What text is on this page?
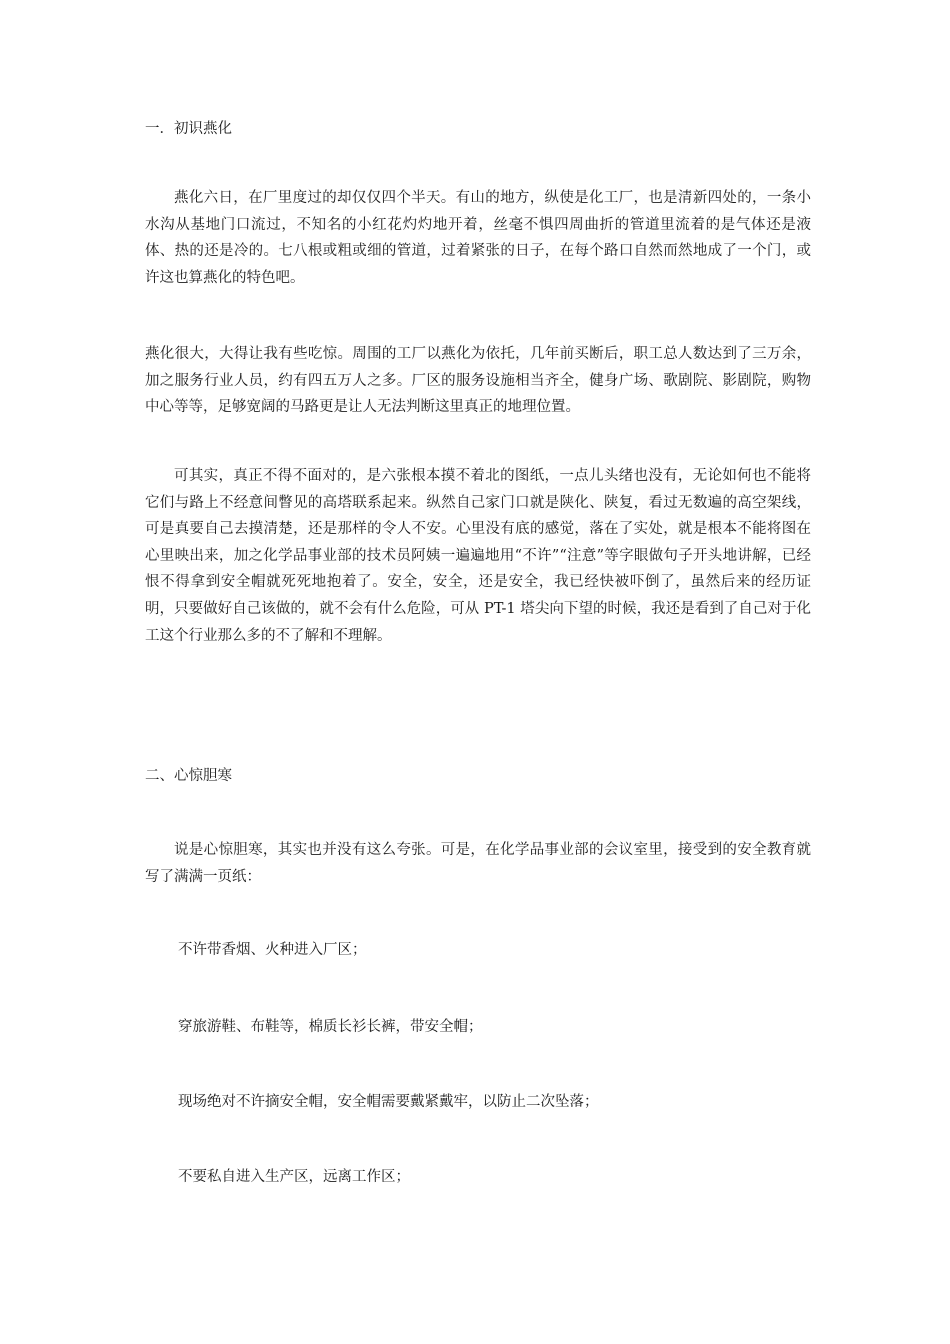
一．初识燕化

燕化六日，在厂里度过的却仅仅四个半天。有山的地方，纵使是化工厂，也是清新四处的，一条小水沟从基地门口流过，不知名的小红花灼灼地开着，丝毫不惧四周曲折的管道里流着的是气体还是液体、热的还是冷的。七八根或粗或细的管道，过着紧张的日子，在每个路口自然而然地成了一个门，或许这也算燕化的特色吧。

燕化很大，大得让我有些吃惊。周围的工厂以燕化为依托，几年前买断后，职工总人数达到了三万余，加之服务行业人员，约有四五万人之多。厂区的服务设施相当齐全，健身广场、歌剧院、影剧院，购物中心等等，足够宽阔的马路更是让人无法判断这里真正的地理位置。

可其实，真正不得不面对的，是六张根本摸不着北的图纸，一点儿头绪也没有，无论如何也不能将它们与路上不经意间瞥见的高塔联系起来。纵然自己家门口就是陕化、陕复，看过无数遍的高空架线，可是真要自己去摸清楚，还是那样的令人不安。心里没有底的感觉，落在了实处，就是根本不能将图在心里映出来，加之化学品事业部的技术员阿姨一遍遍地用“不许”“注意”等字眼做句子开头地讲解，已经恨不得拿到安全帽就死死地抱着了。安全，安全，还是安全，我已经快被吓倒了，虽然后来的经历证明，只要做好自己该做的，就不会有什么危险，可从 PT-1 塔尖向下望的时候，我还是看到了自己对于化工这个行业那么多的不了解和不理解。

二、心惊胆寒

说是心惊胆寒，其实也并没有这么夸张。可是，在化学品事业部的会议室里，接受到的安全教育就写了满满一页纸：

不许带香烟、火种进入厂区；

穿旅游鞋、布鞋等，棉质长衫长裤，带安全帽；

现场绝对不许摘安全帽，安全帽需要戴紧戴牢，以防止二次坠落；

不要私自进入生产区，远离工作区；
